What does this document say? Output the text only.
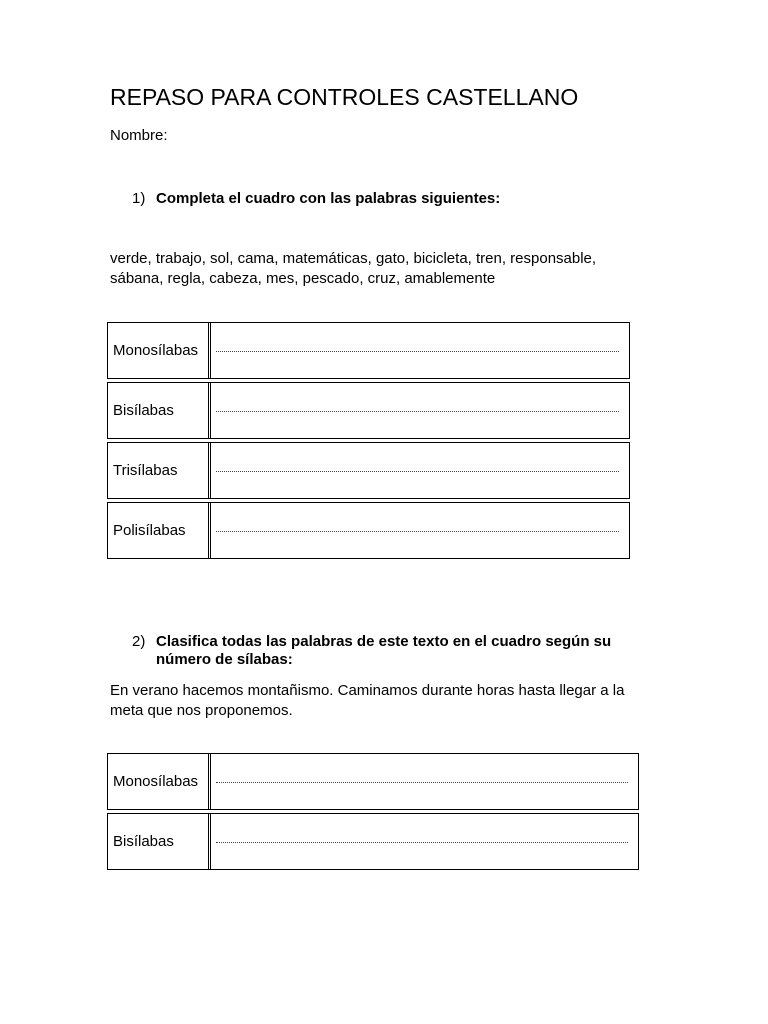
REPASO PARA CONTROLES CASTELLANO
Nombre:
1) Completa el cuadro con las palabras siguientes:
verde, trabajo, sol, cama, matemáticas, gato, bicicleta, tren, responsable,
sábana, regla, cabeza, mes, pescado, cruz, amablemente
Monosílabas
Bisílabas
Trisílabas
Polisílabas
2) Clasifica todas las palabras de este texto en el cuadro según su
número de sílabas:
En verano hacemos montañismo. Caminamos durante horas hasta llegar a la
meta que nos proponemos.
Monosílabas
Bisílabas
